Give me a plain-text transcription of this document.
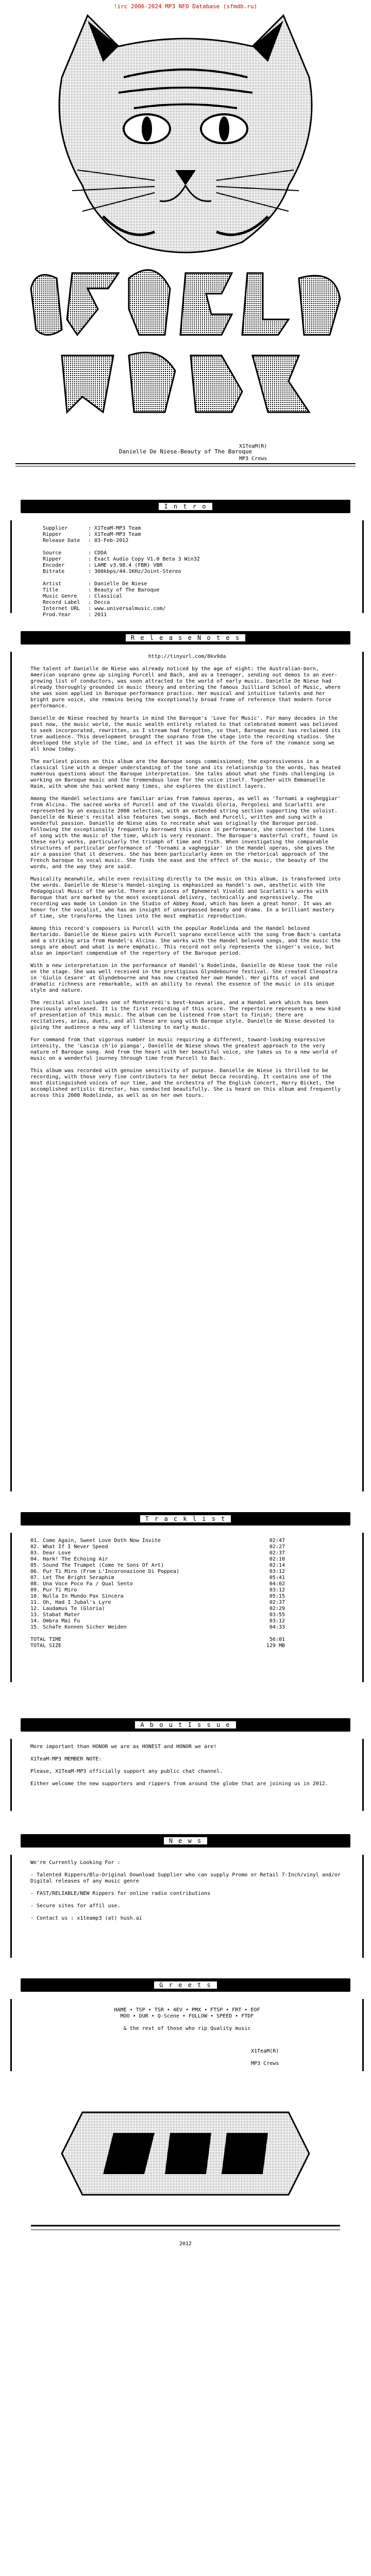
!irc 2006-2024 MP3 NFO Database (sfmdb.ru)

X1TeaM(R)

MP3 Crews

Danielle De Niese-Beauty of The Baroque
I n t r o
Supplier	: X1TeaM-MP3 Team
Ripper	: X1TeaM-MP3 Team
Release Date	: 03-Feb-2012

Source	: CDDA
Ripper	: Exact Audio Copy V1.0 Beta 3 Win32
Encoder	: LAME v3.98.4 (FBR) VBR
Bitrate	: 300kbps/44.1KHz/Joint-Stereo

Artist	: Danielle De Niese
Title	: Beauty of The Baroque
Music Genre	: Classical
Record Label	: Decca
Internet URL	: www.universalmusic.com/
Prod.Year	: 2011
R e l e a s e N o t e s
http://tinyurl.com/8kv9da
The talent of Danielle de Niese was already noticed by the age of eight: the Australian-born, American soprano grew up singing Purcell and Bach, and as a teenager, sending out demos to an ever-growing list of conductors, was soon attracted to the world of early music. Danielle De Niese had already thoroughly grounded in music theory and entering the famous Juilliard School of Music, where she was soon applied in Baroque performance practice. Her musical and intuitive talents and her bright pure voice, she remains being the exceptionally broad frame of reference that modern force performance.
Danielle de Niese reached by hearts in mind the Baroque's 'Love for Music'. For many decades in the past now, the music world, the music wealth entirely related to that celebrated moment was believed to seek incorporated, rewritten, as I stream had forgotten, so that, Baroque music has reclaimed its true audience. This development brought the soprano from the stage into the recording studios. She developed the style of the time, and in effect it was the birth of the form of the romance song we all know today.
The earliest pieces on this album are the Baroque songs commissioned; the expressiveness in a classical line with a deeper understanding of the tone and its relationship to the words, has heated numerous questions about the Baroque interpretation. She talks about what she finds challenging in working on Baroque music and the tremendous love for the voice itself. Together with Emmanuelle Haim, with whom she has worked many times, she explores the distinct layers.
Among the Handel selections are familiar arias from famous operas, as well as 'Tornami a vagheggiar' from Alcina. The sacred works of Purcell and of the Vivaldi Gloria, Pergolesi and Scarlatti are represented by an exquisite 2008 selection, with an extended string section supporting the soloist. Danielle de Niese's recital also features two songs, Bach and Purcell, written and sung with a wonderful passion. Danielle de Niese aims to recreate what was originally the Baroque period. Following the exceptionally frequently borrowed this piece in performance, she connected the lines of song with the music of the time, which is very resonant. The Baroque's masterful craft, found in these early works, particularly the triumph of time and truth. When investigating the comparable structures of particular performance of 'Tornami a vagheggiar' in the Handel operas, she gives the air a passion that it deserves. She has been particularly keen on the rhetorical approach of the French baroque to vocal music. She finds the ease and the effect of the music, the beauty of the words, and the way they are said.
Musicality meanwhile, while even revisiting directly to the music on this album, is transformed into the words. Danielle de Niese's Handel-singing is emphasized as Handel's own, aesthetic with the Pedagogical Music of the world. There are pieces of Ephemeral Vivaldi and Scarlatti's works with Baroque that are marked by the most exceptional delivery, technically and expressively. The recording was made in London in the Studio of Abbey Road, which has been a great honor. It was an honor for the vocalist, who has an insight of unsurpassed beauty and drama. In a brilliant mastery of time, she transforms the lines into the most emphatic reproduction.
Among this record's composers is Purcell with the popular Rodelinda and the Handel beloved Bertarido. Danielle de Niese pairs with Purcell soprano excellence with the song from Bach's cantata and a striking aria from Handel's Alcina. She works with the Handel beloved songs, and the music the songs are about and what is more emphatic. This record not only represents the singer's voice, but also an important compendium of the repertory of the Baroque period.
With a new interpretation in the performance of Handel's Rodelinda, Danielle de Niese took the role on the stage. She was well received in the prestigious Glyndebourne festival. She created Cleopatra in 'Giulio Cesare' at Glyndebourne and has now created her own Handel. Her gifts of vocal and dramatic richness are remarkable, with an ability to reveal the essence of the music in its unique style and nature.
The recital also includes one of Monteverdi's best-known arias, and a Handel work which has been previously unreleased. It is the first recording of this score. The repertoire represents a new kind of presentation of this music. The album can be listened from start to finish; there are recitatives, arias, duets, and all these are sung with Baroque style. Danielle de Niese devoted to giving the audience a new way of listening to early music.
For command from that vigorous number in music requiring a different, toward-looking expressive intensity, the 'Lascia ch'io pianga', Danielle de Niese shows the greatest approach to the very nature of Baroque song. And from the heart with her beautiful voice, she takes us to a new world of music on a wonderful journey through time from Purcell to Bach.
This album was recorded with genuine sensitivity of purpose. Danielle de Niese is thrilled to be recording, with those very fine contributors to her debut Decca recording. It contains one of the most distinguished voices of our time, and the orchestra of The English Concert, Harry Bicket, the accomplished artistic director, has conducted beautifully. She is heard on this album and frequently across this 2008 Rodelinda, as well as on her own tours.
T r a c k l i s t
01. Come Again, Sweet Love Doth Now Invite	02:47
02. What If I Never Speed	02:27
03. Dear Love	02:37
04. Hark! The Echoing Air	02:10
05. Sound The Trumpet (Come Ye Sons Of Art)	02:14
06. Pur Ti Miro (From L'Incoronazione Di Poppea)	03:12
07. Let The Bright Seraphim	05:41
08. Una Voce Poco Fa / Qual Sento	04:02
09. Pur Ti Miro	03:12
10. Nulla In Mundo Pax Sincera	05:15
11. Oh, Had I Jubal's Lyre	02:37
12. Laudamus Te (Gloria)	02:29
13. Stabat Mater	03:55
14. Ombra Mai Fu	03:12
15. Schafe Konnen Sicher Weiden	04:33
TOTAL TIME	56:01
TOTAL SIZE	129 MB
A b o u t I s s u e
More important than HONOR we are as HONEST and HONOR we are!

X1TeaM-MP3 MEMBER NOTE:

Please, X1TeaM-MP3 officially support any public chat channel.

Either welcome the new supporters and rippers from around the globe that are joining us in 2012.
N e w s
We're Currently Looking For :

- Talented Rippers/Blu-Original Download Supplier who can supply Promo or Retail 7-Inch/vinyl and/or Digital releases of any music genre

- FAST/RELIABLE/NEW Rippers for online radio contributions

- Secure sites for affil use.

- Contact us : x1teamp3 (at) hush.ai
G r e e t s
HAME • TSP • TSR • 4EV • PMX • FTSP • FRT • EOF
MOO • DUR • Q-Scene • FOLLOW • SPEED • FTDF

& the rest of those who rip Quality music

X1TeaM(R)

MP3 Crews

2012
